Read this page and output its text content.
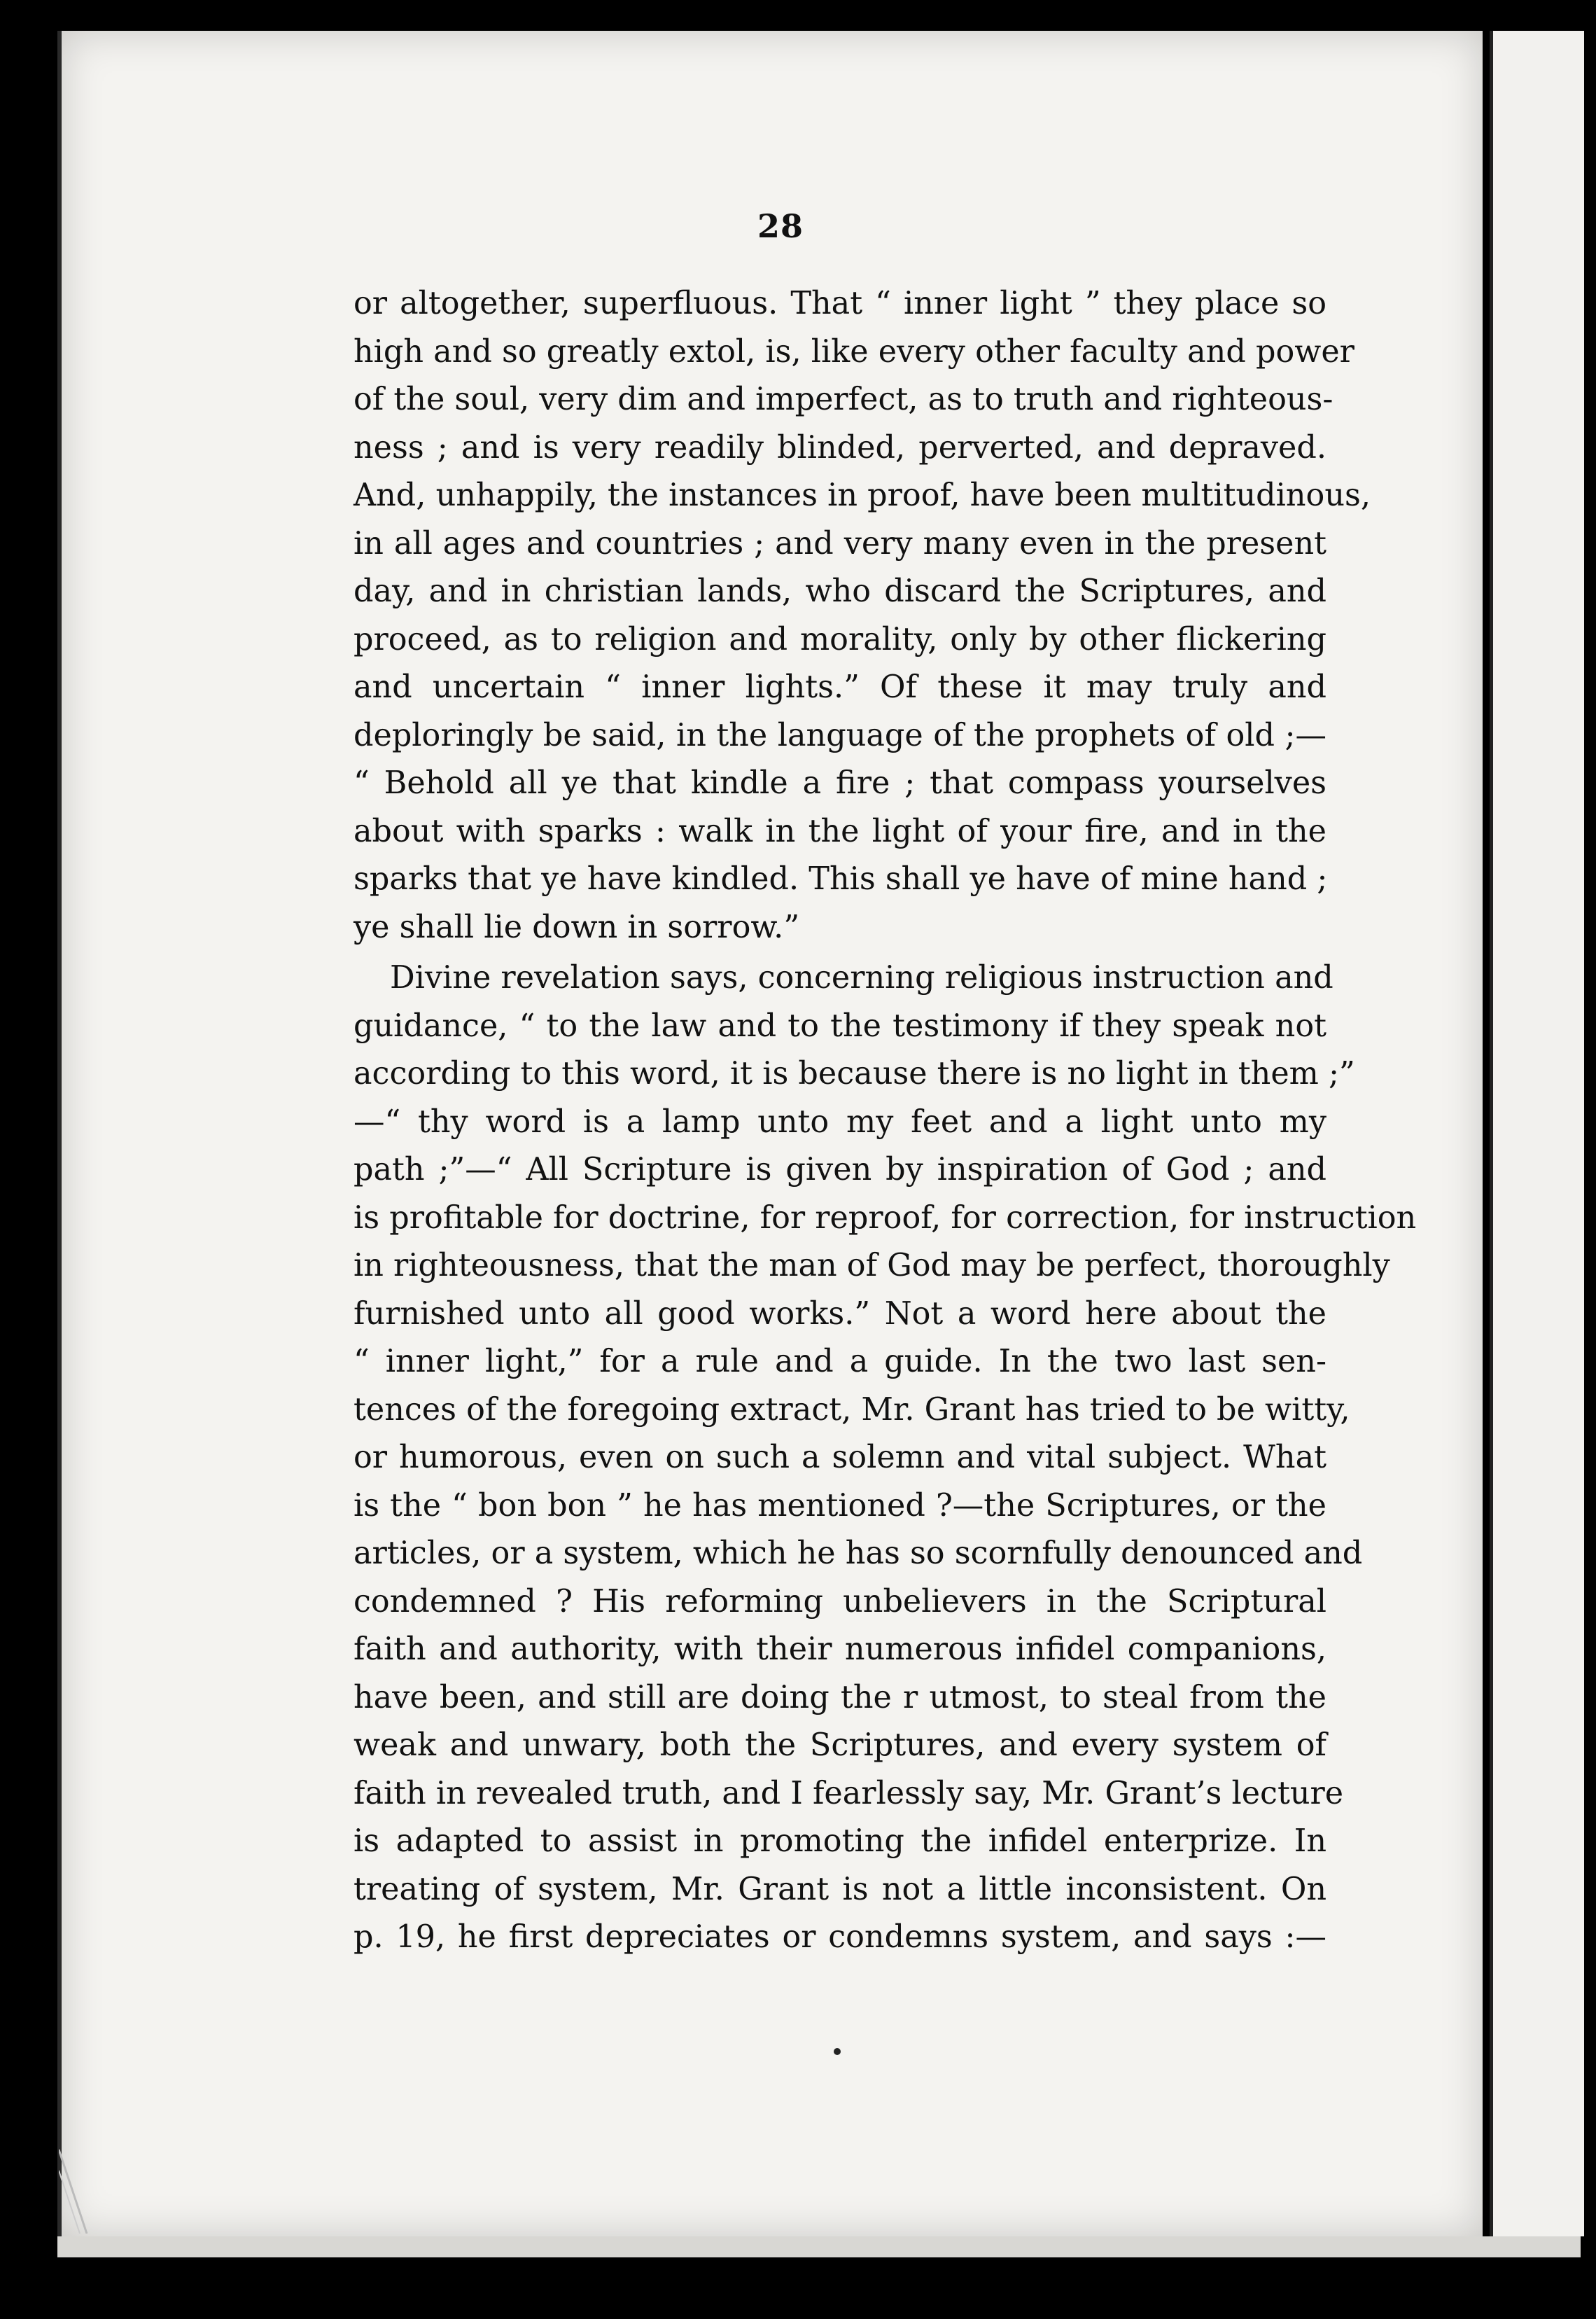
28
or altogether, superfluous. That “ inner light ” they place so
high and so greatly extol, is, like every other faculty and power
of the soul, very dim and imperfect, as to truth and righteous-
ness ; and is very readily blinded, perverted, and depraved.
And, unhappily, the instances in proof, have been multitudinous,
in all ages and countries ; and very many even in the present
day, and in christian lands, who discard the Scriptures, and
proceed, as to religion and morality, only by other flickering
and uncertain “ inner lights.” Of these it may truly and
deploringly be said, in the language of the prophets of old ;—
“ Behold all ye that kindle a fire ; that compass yourselves
about with sparks : walk in the light of your fire, and in the
sparks that ye have kindled. This shall ye have of mine hand ;
ye shall lie down in sorrow.”
Divine revelation says, concerning religious instruction and
guidance, “ to the law and to the testimony if they speak not
according to this word, it is because there is no light in them ;”
—“ thy word is a lamp unto my feet and a light unto my
path ;”—“ All Scripture is given by inspiration of God ; and
is profitable for doctrine, for reproof, for correction, for instruction
in righteousness, that the man of God may be perfect, thoroughly
furnished unto all good works.” Not a word here about the
“ inner light,” for a rule and a guide. In the two last sen-
tences of the foregoing extract, Mr. Grant has tried to be witty,
or humorous, even on such a solemn and vital subject. What
is the “ bon bon ” he has mentioned ?—the Scriptures, or the
articles, or a system, which he has so scornfully denounced and
condemned ? His reforming unbelievers in the Scriptural
faith and authority, with their numerous infidel companions,
have been, and still are doing the r utmost, to steal from the
weak and unwary, both the Scriptures, and every system of
faith in revealed truth, and I fearlessly say, Mr. Grant’s lecture
is adapted to assist in promoting the infidel enterprize. In
treating of system, Mr. Grant is not a little inconsistent. On
p. 19, he first depreciates or condemns system, and says :—
